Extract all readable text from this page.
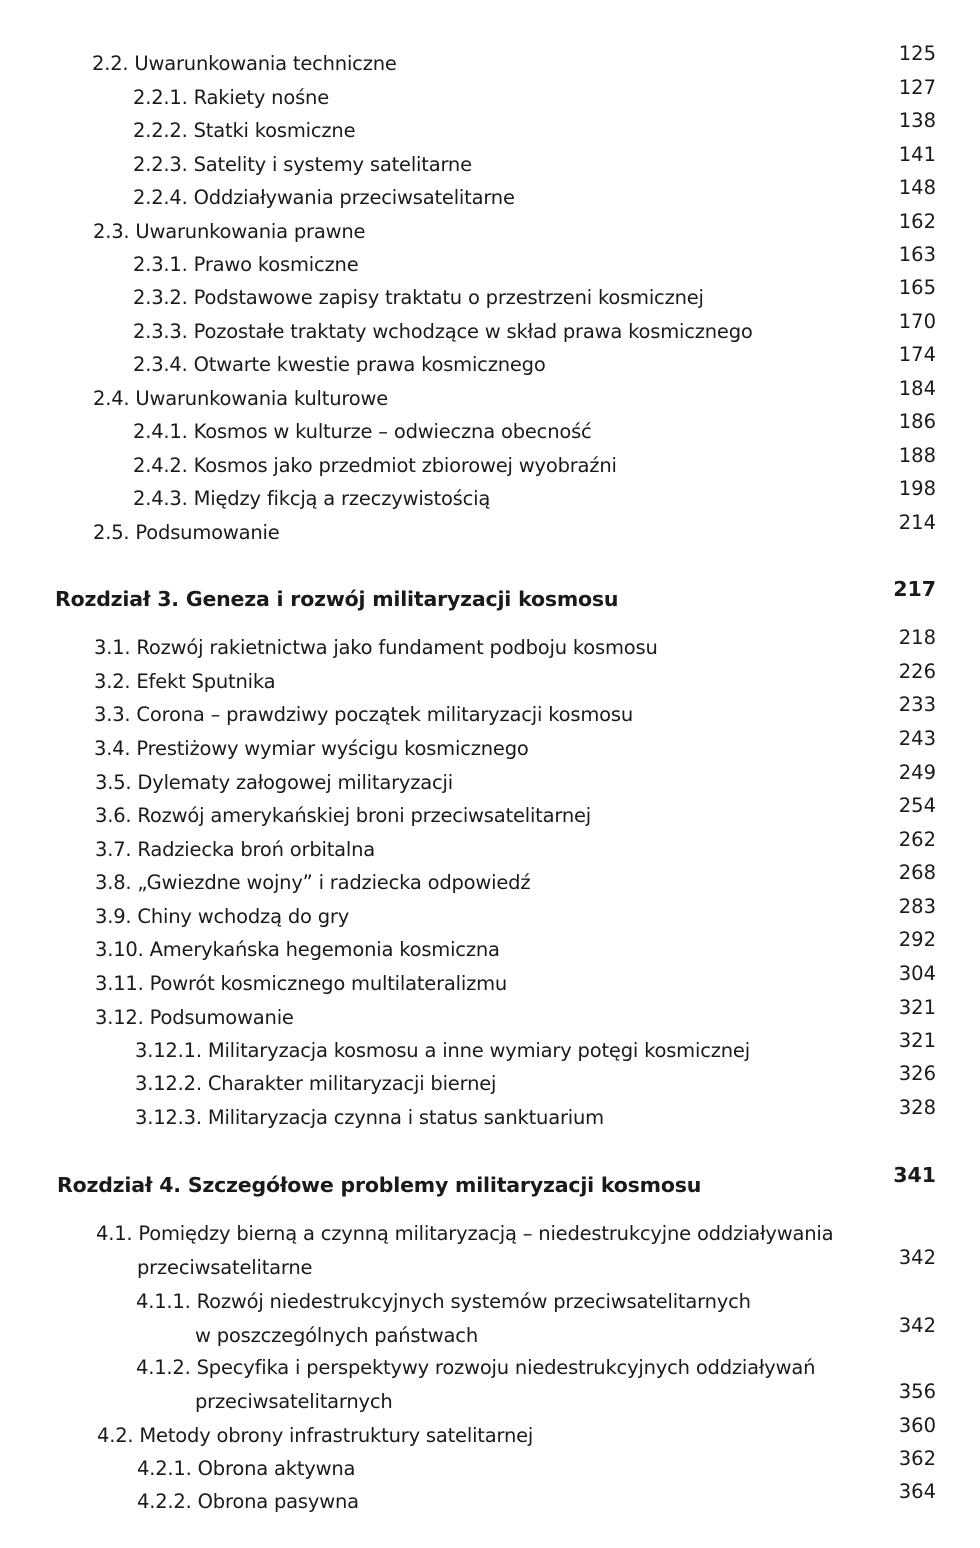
2.2. Uwarunkowania techniczne	125
2.2.1. Rakiety nośne	127
2.2.2. Statki kosmiczne	138
2.2.3. Satelity i systemy satelitarne	141
2.2.4. Oddziaływania przeciwsatelitarne	148
2.3. Uwarunkowania prawne	162
2.3.1. Prawo kosmiczne	163
2.3.2. Podstawowe zapisy traktatu o przestrzeni kosmicznej	165
2.3.3. Pozostałe traktaty wchodzące w skład prawa kosmicznego	170
2.3.4. Otwarte kwestie prawa kosmicznego	174
2.4. Uwarunkowania kulturowe	184
2.4.1. Kosmos w kulturze – odwieczna obecność	186
2.4.2. Kosmos jako przedmiot zbiorowej wyobraźni	188
2.4.3. Między fikcją a rzeczywistością	198
2.5. Podsumowanie	214
Rozdział 3. Geneza i rozwój militaryzacji kosmosu	217
3.1. Rozwój rakietnictwa jako fundament podboju kosmosu	218
3.2. Efekt Sputnika	226
3.3. Corona – prawdziwy początek militaryzacji kosmosu	233
3.4. Prestiżowy wymiar wyścigu kosmicznego	243
3.5. Dylematy załogowej militaryzacji	249
3.6. Rozwój amerykańskiej broni przeciwsatelitarnej	254
3.7. Radziecka broń orbitalna	262
3.8. „Gwiezdne wojny” i radziecka odpowiedź	268
3.9. Chiny wchodzą do gry	283
3.10. Amerykańska hegemonia kosmiczna	292
3.11. Powrót kosmicznego multilateralizmu	304
3.12. Podsumowanie	321
3.12.1. Militaryzacja kosmosu a inne wymiary potęgi kosmicznej	321
3.12.2. Charakter militaryzacji biernej	326
3.12.3. Militaryzacja czynna i status sanktuarium	328
Rozdział 4. Szczegółowe problemy militaryzacji kosmosu	341
4.1. Pomiędzy bierną a czynną militaryzacją – niedestrukcyjne oddziaływania
przeciwsatelitarne	342
4.1.1. Rozwój niedestrukcyjnych systemów przeciwsatelitarnych
w poszczególnych państwach	342
4.1.2. Specyfika i perspektywy rozwoju niedestrukcyjnych oddziaływań
przeciwsatelitarnych	356
4.2. Metody obrony infrastruktury satelitarnej	360
4.2.1. Obrona aktywna	362
4.2.2. Obrona pasywna	364
